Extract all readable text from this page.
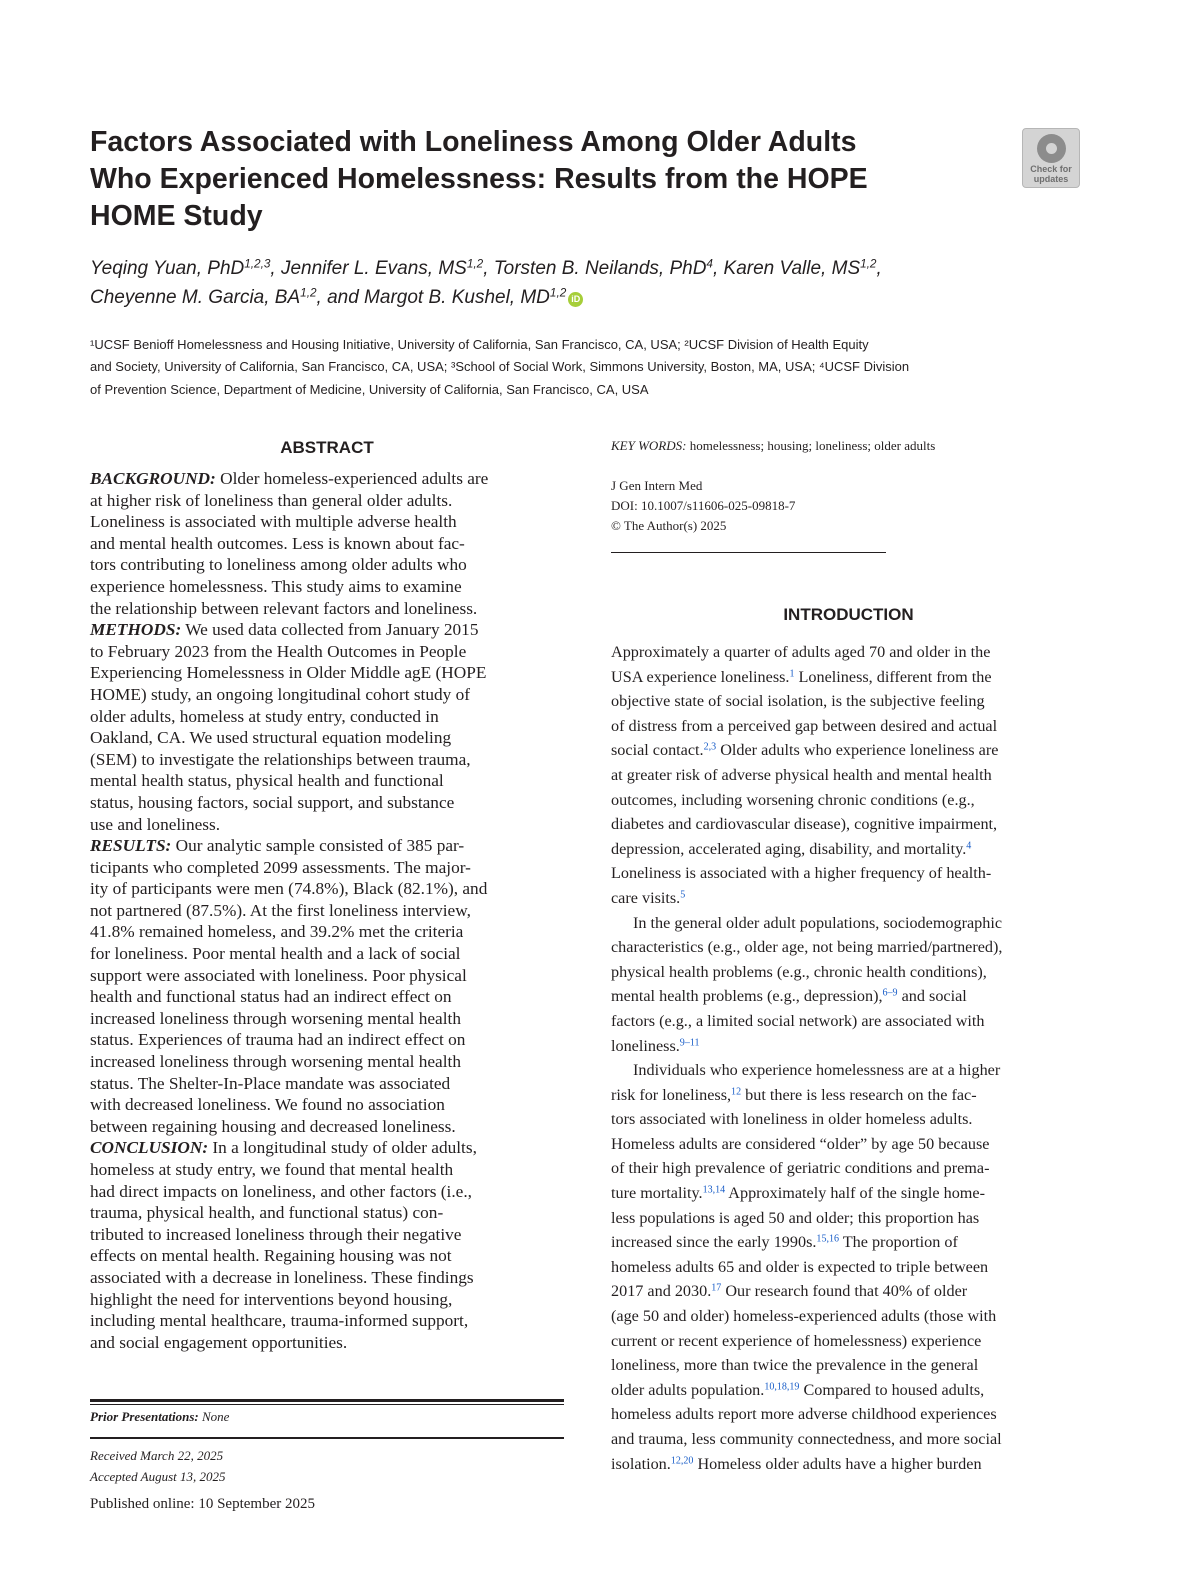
Factors Associated with Loneliness Among Older Adults
Who Experienced Homelessness: Results from the HOPE
HOME Study
Check for
updates
Yeqing Yuan, PhD$^{1,2,3}$, Jennifer L. Evans, MS$^{1,2}$, Torsten B. Neilands, PhD$^4$, Karen Valle, MS$^{1,2}$,
Cheyenne M. Garcia, BA$^{1,2}$, and Margot B. Kushel, MD$^{1,2}$ iD
¹UCSF Benioff Homelessness and Housing Initiative, University of California, San Francisco, CA, USA; ²UCSF Division of Health Equity
and Society, University of California, San Francisco, CA, USA; ³School of Social Work, Simmons University, Boston, MA, USA; ⁴UCSF Division
of Prevention Science, Department of Medicine, University of California, San Francisco, CA, USA
ABSTRACT
BACKGROUND: Older homeless-experienced adults are
at higher risk of loneliness than general older adults.
Loneliness is associated with multiple adverse health
and mental health outcomes. Less is known about fac-
tors contributing to loneliness among older adults who
experience homelessness. This study aims to examine
the relationship between relevant factors and loneliness.
METHODS: We used data collected from January 2015
to February 2023 from the Health Outcomes in People
Experiencing Homelessness in Older Middle agE (HOPE
HOME) study, an ongoing longitudinal cohort study of
older adults, homeless at study entry, conducted in
Oakland, CA. We used structural equation modeling
(SEM) to investigate the relationships between trauma,
mental health status, physical health and functional
status, housing factors, social support, and substance
use and loneliness.
RESULTS: Our analytic sample consisted of 385 par-
ticipants who completed 2099 assessments. The major-
ity of participants were men (74.8%), Black (82.1%), and
not partnered (87.5%). At the first loneliness interview,
41.8% remained homeless, and 39.2% met the criteria
for loneliness. Poor mental health and a lack of social
support were associated with loneliness. Poor physical
health and functional status had an indirect effect on
increased loneliness through worsening mental health
status. Experiences of trauma had an indirect effect on
increased loneliness through worsening mental health
status. The Shelter-In-Place mandate was associated
with decreased loneliness. We found no association
between regaining housing and decreased loneliness.
CONCLUSION: In a longitudinal study of older adults,
homeless at study entry, we found that mental health
had direct impacts on loneliness, and other factors (i.e.,
trauma, physical health, and functional status) con-
tributed to increased loneliness through their negative
effects on mental health. Regaining housing was not
associated with a decrease in loneliness. These findings
highlight the need for interventions beyond housing,
including mental healthcare, trauma-informed support,
and social engagement opportunities.
Prior Presentations: None
Received March 22, 2025
Accepted August 13, 2025
Published online: 10 September 2025
KEY WORDS: homelessness; housing; loneliness; older adults
J Gen Intern Med
DOI: 10.1007/s11606-025-09818-7
© The Author(s) 2025
INTRODUCTION
Approximately a quarter of adults aged 70 and older in the
USA experience loneliness.$^1$ Loneliness, different from the
objective state of social isolation, is the subjective feeling
of distress from a perceived gap between desired and actual
social contact.$^{2,3}$ Older adults who experience loneliness are
at greater risk of adverse physical health and mental health
outcomes, including worsening chronic conditions (e.g.,
diabetes and cardiovascular disease), cognitive impairment,
depression, accelerated aging, disability, and mortality.$^4$
Loneliness is associated with a higher frequency of health-
care visits.$^5$
In the general older adult populations, sociodemographic
characteristics (e.g., older age, not being married/partnered),
physical health problems (e.g., chronic health conditions),
mental health problems (e.g., depression),$^{6-9}$ and social
factors (e.g., a limited social network) are associated with
loneliness.$^{9-11}$
Individuals who experience homelessness are at a higher
risk for loneliness,$^{12}$ but there is less research on the fac-
tors associated with loneliness in older homeless adults.
Homeless adults are considered “older” by age 50 because
of their high prevalence of geriatric conditions and prema-
ture mortality.$^{13,14}$ Approximately half of the single home-
less populations is aged 50 and older; this proportion has
increased since the early 1990s.$^{15,16}$ The proportion of
homeless adults 65 and older is expected to triple between
2017 and 2030.17 Our research found that 40% of older
(age 50 and older) homeless-experienced adults (those with
current or recent experience of homelessness) experience
loneliness, more than twice the prevalence in the general
older adults population.$^{10,18,19}$ Compared to housed adults,
homeless adults report more adverse childhood experiences
and trauma, less community connectedness, and more social
isolation.$^{12,20}$ Homeless older adults have a higher burden
